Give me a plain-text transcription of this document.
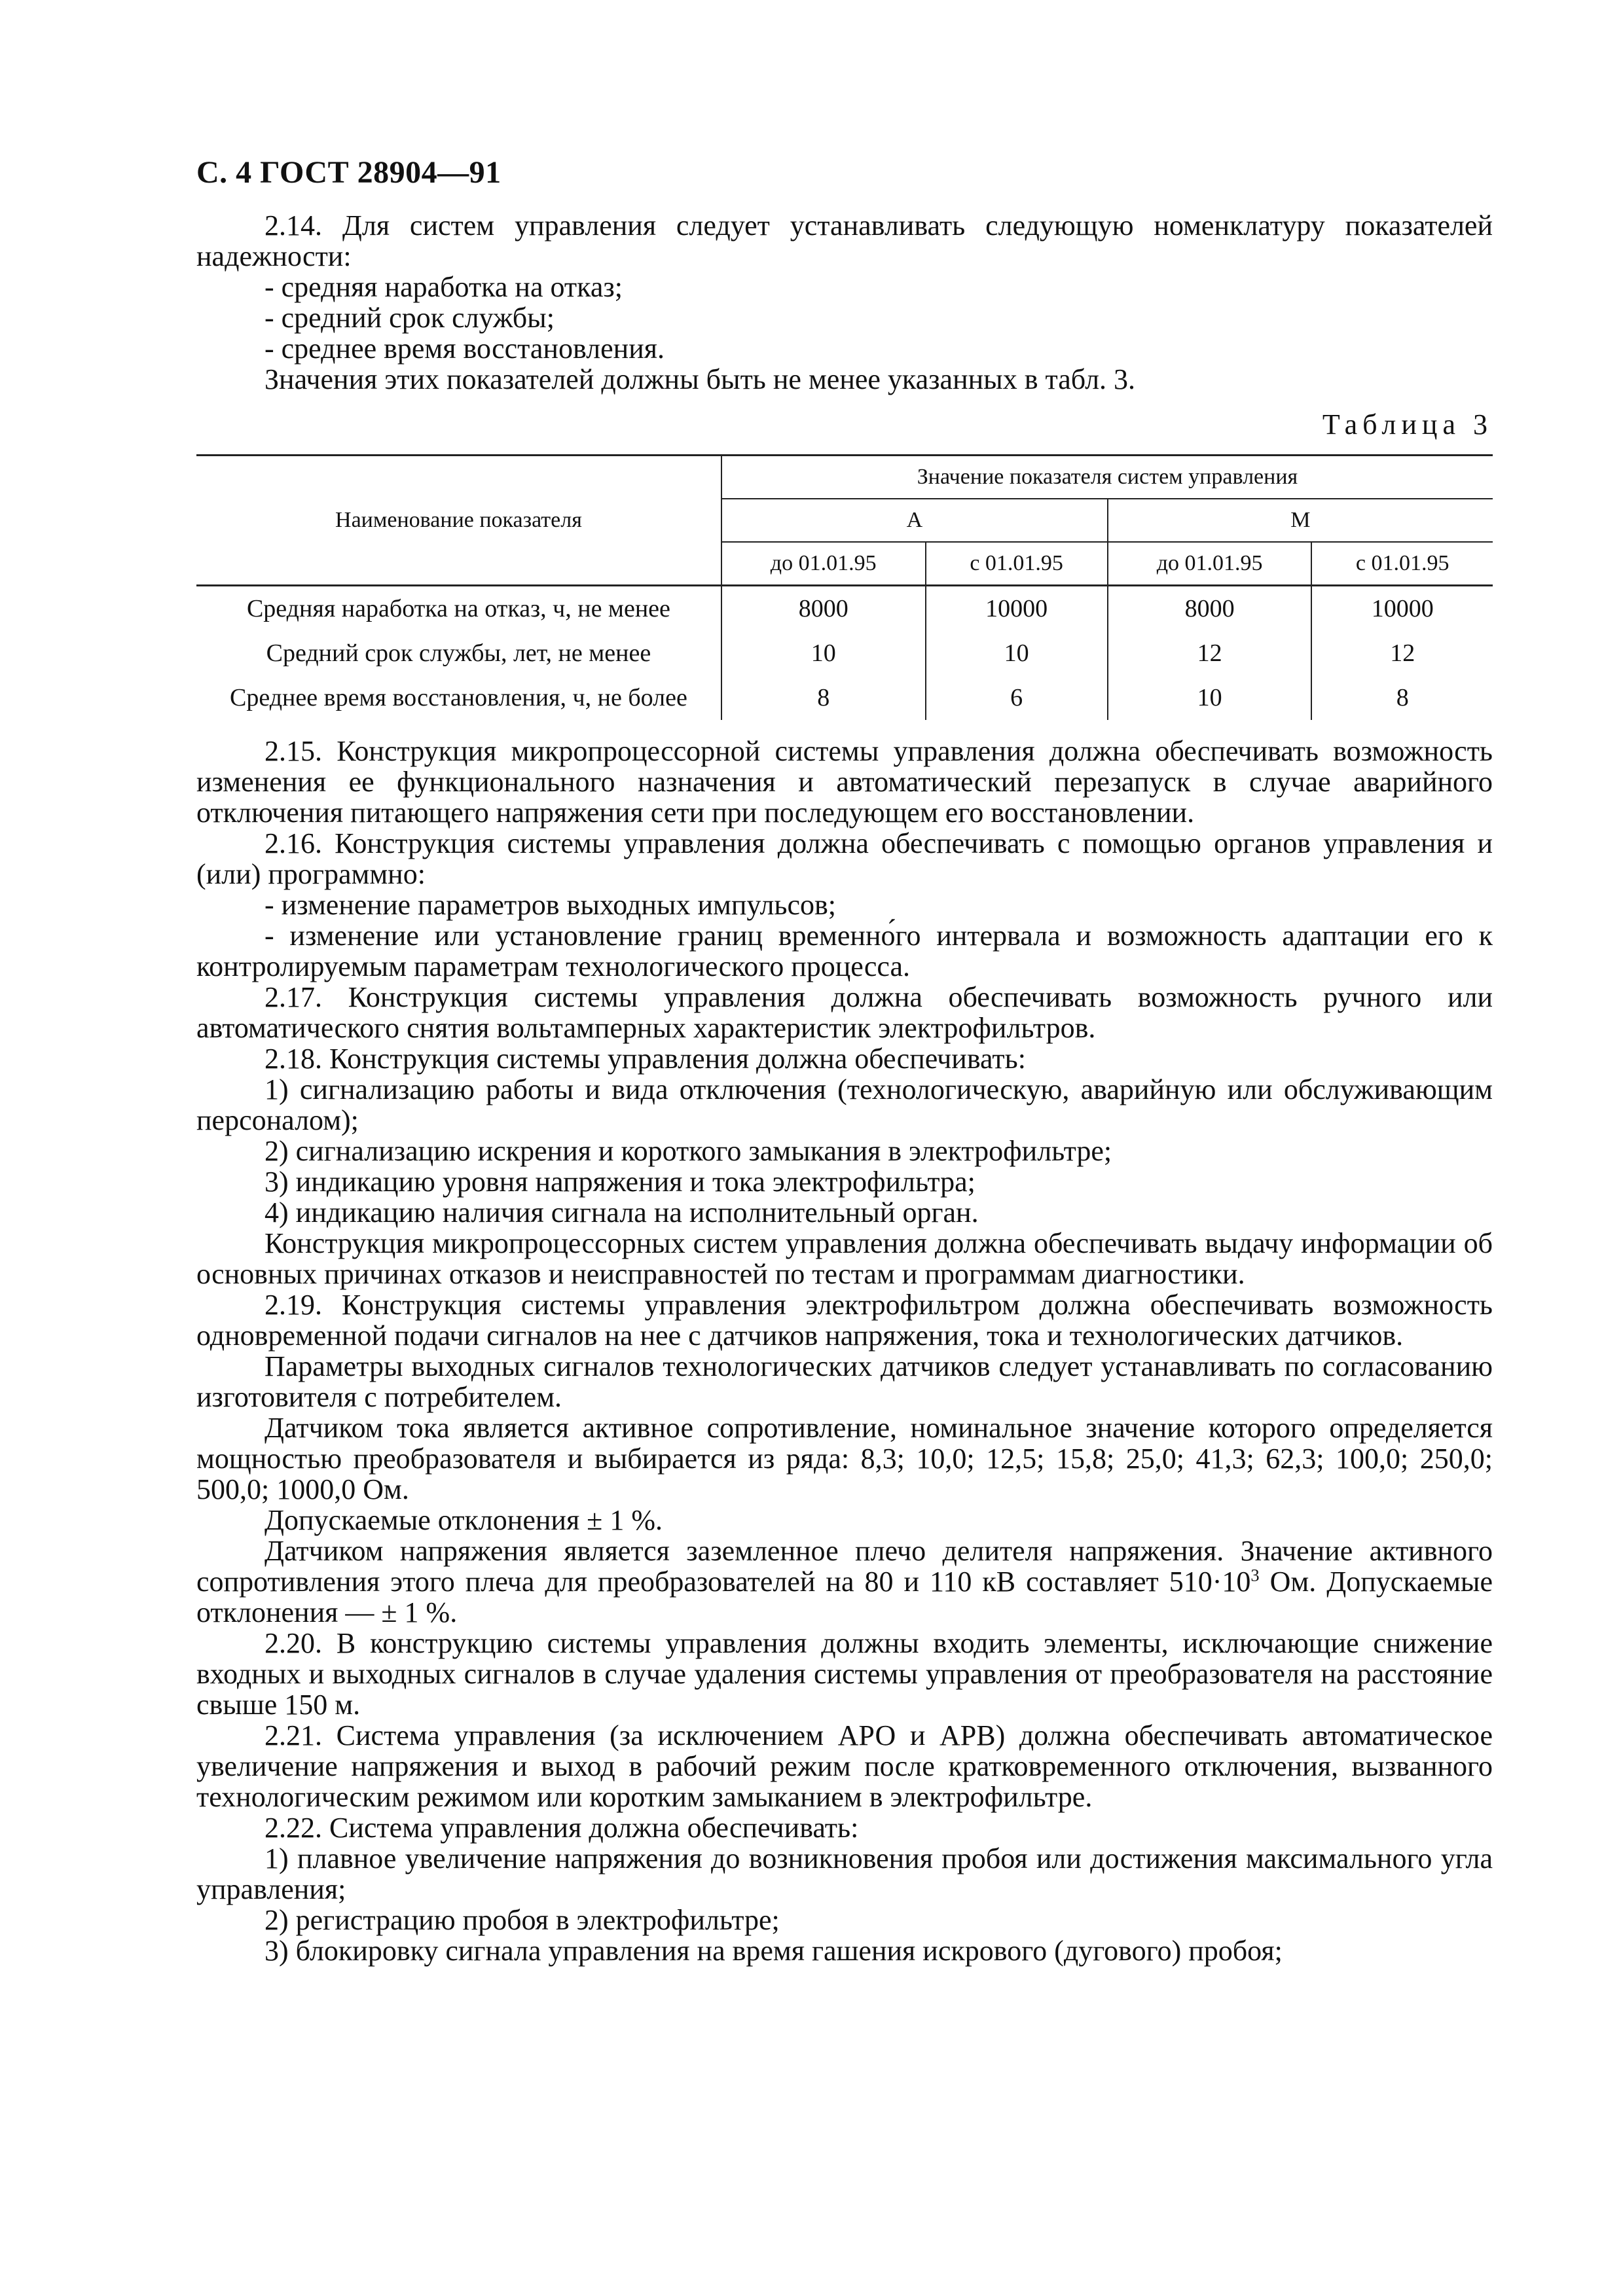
С. 4 ГОСТ 28904—91

2.14. Для систем управления следует устанавливать следующую номенклатуру показателей надежности:

- средняя наработка на отказ;

- средний срок службы;

- среднее время восстановления.

Значения этих показателей должны быть не менее указанных в табл. 3.

Таблица 3
Наименование показателя	Значение показателя систем управления			
	А		М	
	до 01.01.95	с 01.01.95	до 01.01.95	с 01.01.95
Средняя наработка на отказ, ч, не менее	8000	10000	8000	10000
Средний срок службы, лет, не менее	10	10	12	12
Среднее время восстановления, ч, не более	8	6	10	8

2.15. Конструкция микропроцессорной системы управления должна обеспечивать возможность изменения ее функционального назначения и автоматический перезапуск в случае аварийного отключения питающего напряжения сети при последующем его восстановлении.

2.16. Конструкция системы управления должна обеспечивать с помощью органов управления и (или) программно:

- изменение параметров выходных импульсов;

- изменение или установление границ временно́го интервала и возможность адаптации его к контролируемым параметрам технологического процесса.

2.17. Конструкция системы управления должна обеспечивать возможность ручного или автоматического снятия вольтамперных характеристик электрофильтров.

2.18. Конструкция системы управления должна обеспечивать:

1) сигнализацию работы и вида отключения (технологическую, аварийную или обслуживающим персоналом);

2) сигнализацию искрения и короткого замыкания в электрофильтре;

3) индикацию уровня напряжения и тока электрофильтра;

4) индикацию наличия сигнала на исполнительный орган.

Конструкция микропроцессорных систем управления должна обеспечивать выдачу информации об основных причинах отказов и неисправностей по тестам и программам диагностики.

2.19. Конструкция системы управления электрофильтром должна обеспечивать возможность одновременной подачи сигналов на нее с датчиков напряжения, тока и технологических датчиков.

Параметры выходных сигналов технологических датчиков следует устанавливать по согласованию изготовителя с потребителем.

Датчиком тока является активное сопротивление, номинальное значение которого определяется мощностью преобразователя и выбирается из ряда: 8,3; 10,0; 12,5; 15,8; 25,0; 41,3; 62,3; 100,0; 250,0; 500,0; 1000,0 Ом.

Допускаемые отклонения ± 1 %.

Датчиком напряжения является заземленное плечо делителя напряжения. Значение активного сопротивления этого плеча для преобразователей на 80 и 110 кВ составляет $510\cdot 10^3$ Ом. Допускаемые отклонения — ± 1 %.

2.20. В конструкцию системы управления должны входить элементы, исключающие снижение входных и выходных сигналов в случае удаления системы управления от преобразователя на расстояние свыше 150 м.

2.21. Система управления (за исключением АРО и АРВ) должна обеспечивать автоматическое увеличение напряжения и выход в рабочий режим после кратковременного отключения, вызванного технологическим режимом или коротким замыканием в электрофильтре.

2.22. Система управления должна обеспечивать:

1) плавное увеличение напряжения до возникновения пробоя или достижения максимального угла управления;

2) регистрацию пробоя в электрофильтре;

3) блокировку сигнала управления на время гашения искрового (дугового) пробоя;
